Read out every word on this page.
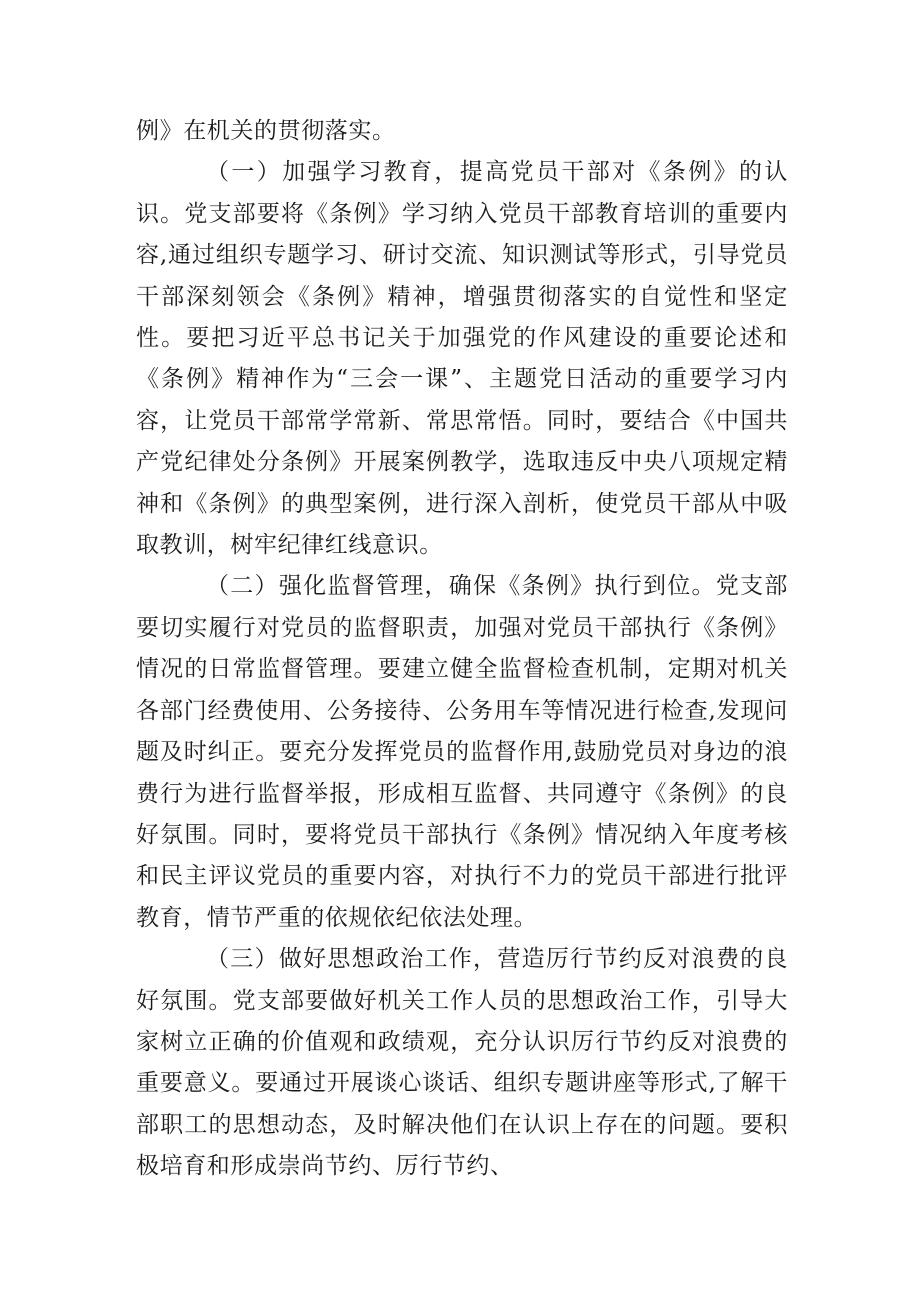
例》在机关的贯彻落实。

（一）加强学习教育，提高党员干部对《条例》的认识。党支部要将《条例》学习纳入党员干部教育培训的重要内容,通过组织专题学习、研讨交流、知识测试等形式，引导党员干部深刻领会《条例》精神，增强贯彻落实的自觉性和坚定性。要把习近平总书记关于加强党的作风建设的重要论述和《条例》精神作为“三会一课”、主题党日活动的重要学习内容，让党员干部常学常新、常思常悟。同时，要结合《中国共产党纪律处分条例》开展案例教学，选取违反中央八项规定精神和《条例》的典型案例，进行深入剖析，使党员干部从中吸取教训，树牢纪律红线意识。

（二）强化监督管理，确保《条例》执行到位。党支部要切实履行对党员的监督职责，加强对党员干部执行《条例》情况的日常监督管理。要建立健全监督检查机制，定期对机关各部门经费使用、公务接待、公务用车等情况进行检查,发现问题及时纠正。要充分发挥党员的监督作用,鼓励党员对身边的浪费行为进行监督举报，形成相互监督、共同遵守《条例》的良好氛围。同时，要将党员干部执行《条例》情况纳入年度考核和民主评议党员的重要内容，对执行不力的党员干部进行批评教育，情节严重的依规依纪依法处理。

（三）做好思想政治工作，营造厉行节约反对浪费的良好氛围。党支部要做好机关工作人员的思想政治工作，引导大家树立正确的价值观和政绩观，充分认识厉行节约反对浪费的重要意义。要通过开展谈心谈话、组织专题讲座等形式,了解干部职工的思想动态，及时解决他们在认识上存在的问题。要积极培育和形成崇尚节约、厉行节约、
